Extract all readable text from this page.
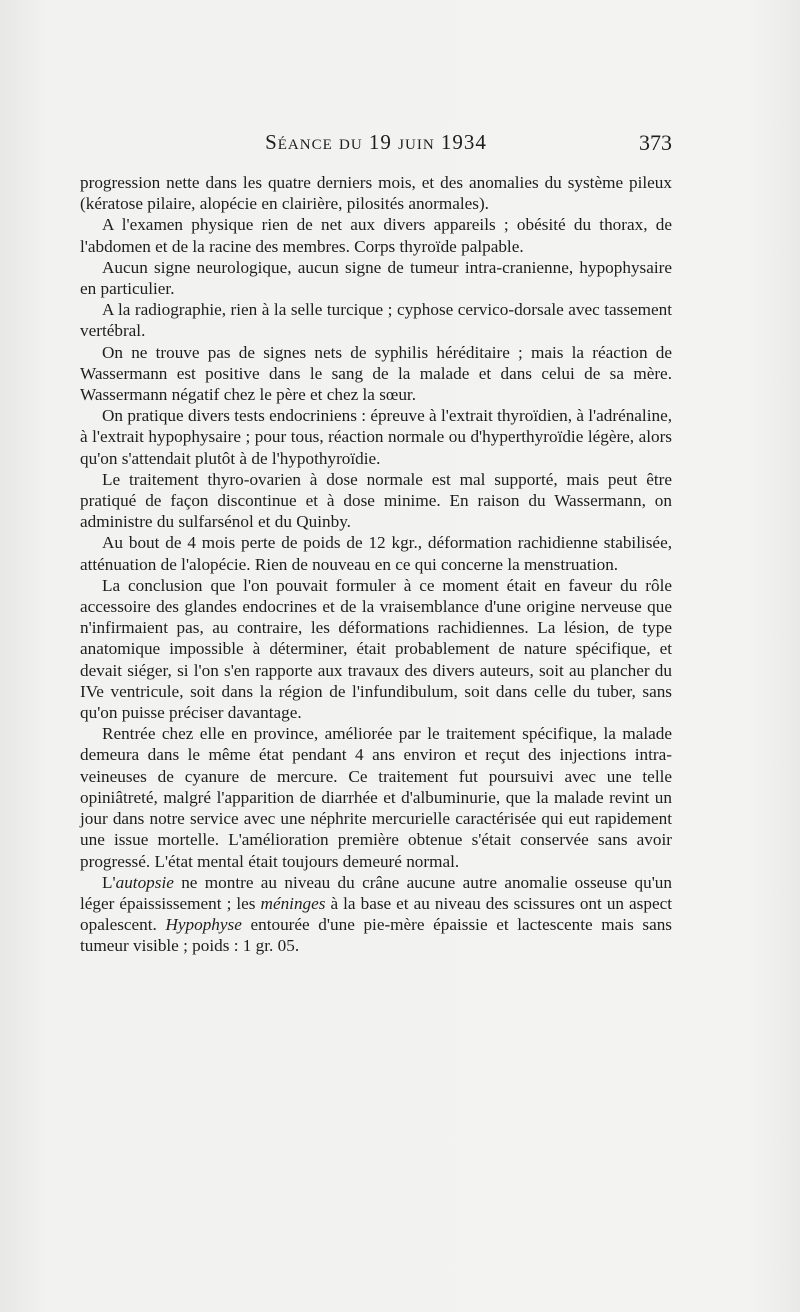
Séance du 19 juin 1934	373

progression nette dans les quatre derniers mois, et des anomalies du système pileux (kératose pilaire, alopécie en clairière, pilosités anormales).

A l'examen physique rien de net aux divers appareils ; obésité du thorax, de l'abdomen et de la racine des membres. Corps thyroïde palpable.

Aucun signe neurologique, aucun signe de tumeur intra-cranienne, hypophysaire en particulier.

A la radiographie, rien à la selle turcique ; cyphose cervico-dorsale avec tassement vertébral.

On ne trouve pas de signes nets de syphilis héréditaire ; mais la réaction de Wassermann est positive dans le sang de la malade et dans celui de sa mère. Wassermann négatif chez le père et chez la sœur.

On pratique divers tests endocriniens : épreuve à l'extrait thyroïdien, à l'adrénaline, à l'extrait hypophysaire ; pour tous, réaction normale ou d'hyperthyroïdie légère, alors qu'on s'attendait plutôt à de l'hypothyroïdie.

Le traitement thyro-ovarien à dose normale est mal supporté, mais peut être pratiqué de façon discontinue et à dose minime. En raison du Wassermann, on administre du sulfarsénol et du Quinby.

Au bout de 4 mois perte de poids de 12 kgr., déformation rachidienne stabilisée, atténuation de l'alopécie. Rien de nouveau en ce qui concerne la menstruation.

La conclusion que l'on pouvait formuler à ce moment était en faveur du rôle accessoire des glandes endocrines et de la vraisemblance d'une origine nerveuse que n'infirmaient pas, au contraire, les déformations rachidiennes. La lésion, de type anatomique impossible à déterminer, était probablement de nature spécifique, et devait siéger, si l'on s'en rapporte aux travaux des divers auteurs, soit au plancher du IVe ventricule, soit dans la région de l'infundibulum, soit dans celle du tuber, sans qu'on puisse préciser davantage.

Rentrée chez elle en province, améliorée par le traitement spécifique, la malade demeura dans le même état pendant 4 ans environ et reçut des injections intra-veineuses de cyanure de mercure. Ce traitement fut poursuivi avec une telle opiniâtreté, malgré l'apparition de diarrhée et d'albuminurie, que la malade revint un jour dans notre service avec une néphrite mercurielle caractérisée qui eut rapidement une issue mortelle. L'amélioration première obtenue s'était conservée sans avoir progressé. L'état mental était toujours demeuré normal.

L'autopsie ne montre au niveau du crâne aucune autre anomalie osseuse qu'un léger épaississement ; les méninges à la base et au niveau des scissures ont un aspect opalescent. Hypophyse entourée d'une pie-mère épaissie et lactescente mais sans tumeur visible ; poids : 1 gr. 05.
